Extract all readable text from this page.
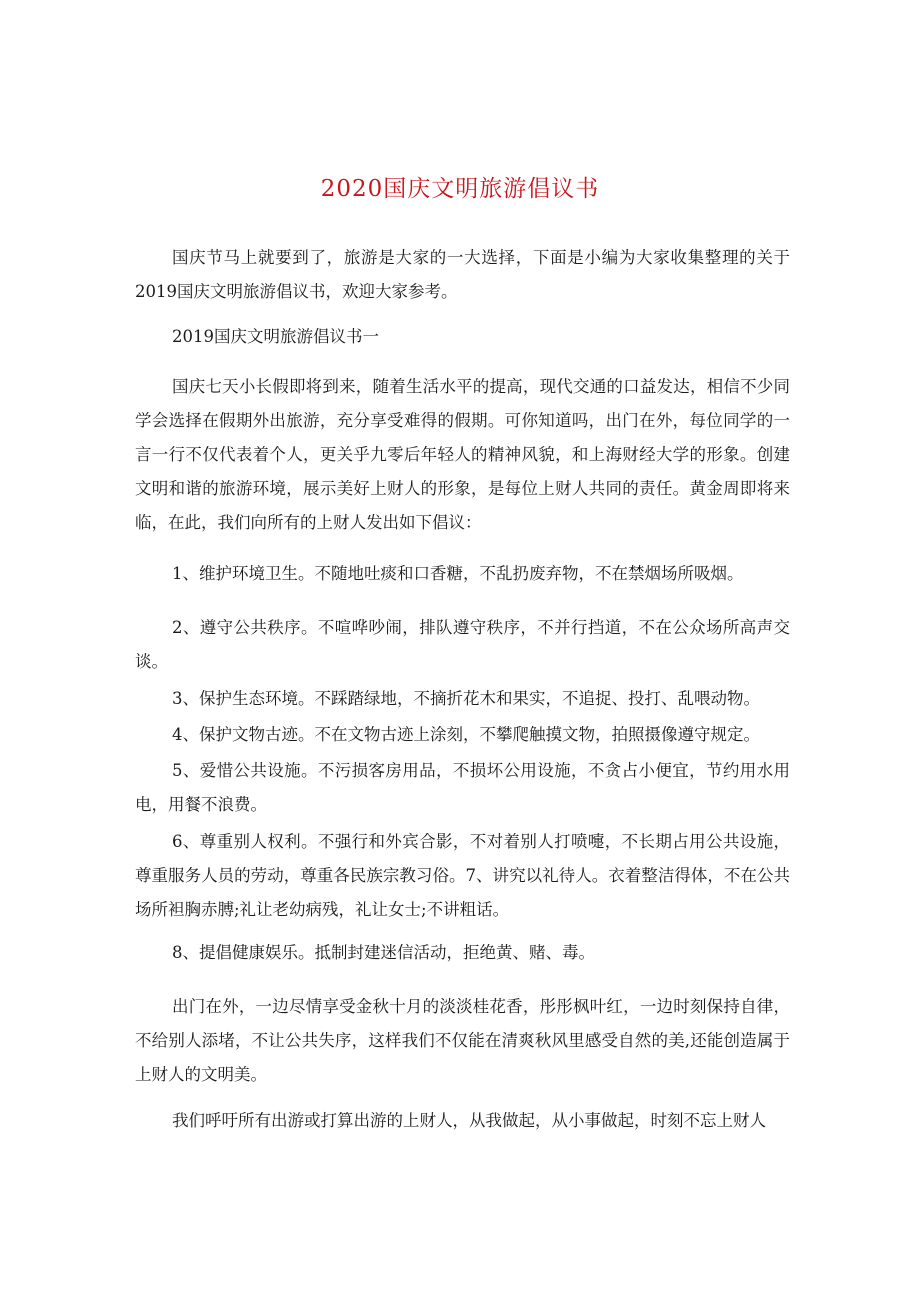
2020国庆文明旅游倡议书

国庆节马上就要到了，旅游是大家的一大选择，下面是小编为大家收集整理的关于2019国庆文明旅游倡议书，欢迎大家参考。

2019国庆文明旅游倡议书一

国庆七天小长假即将到来，随着生活水平的提高，现代交通的口益发达，相信不少同学会选择在假期外出旅游，充分享受难得的假期。可你知道吗，出门在外，每位同学的一言一行不仅代表着个人，更关乎九零后年轻人的精神风貌，和上海财经大学的形象。创建文明和谐的旅游环境，展示美好上财人的形象，是每位上财人共同的责任。黄金周即将来临，在此，我们向所有的上财人发出如下倡议：

1、维护环境卫生。不随地吐痰和口香糖，不乱扔废弃物，不在禁烟场所吸烟。

2、遵守公共秩序。不喧哗吵闹，排队遵守秩序，不并行挡道，不在公众场所高声交谈。

3、保护生态环境。不踩踏绿地，不摘折花木和果实，不追捉、投打、乱喂动物。

4、保护文物古迹。不在文物古迹上涂刻，不攀爬触摸文物，拍照摄像遵守规定。

5、爱惜公共设施。不污损客房用品，不损坏公用设施，不贪占小便宜，节约用水用电，用餐不浪费。

6、尊重别人权利。不强行和外宾合影，不对着别人打喷嚏，不长期占用公共设施，尊重服务人员的劳动，尊重各民族宗教习俗。7、讲究以礼待人。衣着整洁得体，不在公共场所袒胸赤膊;礼让老幼病残，礼让女士;不讲粗话。

8、提倡健康娱乐。抵制封建迷信活动，拒绝黄、赌、毒。

出门在外，一边尽情享受金秋十月的淡淡桂花香，彤彤枫叶红，一边时刻保持自律，不给别人添堵，不让公共失序，这样我们不仅能在清爽秋风里感受自然的美,还能创造属于上财人的文明美。

我们呼吁所有出游或打算出游的上财人，从我做起，从小事做起，时刻不忘上财人
